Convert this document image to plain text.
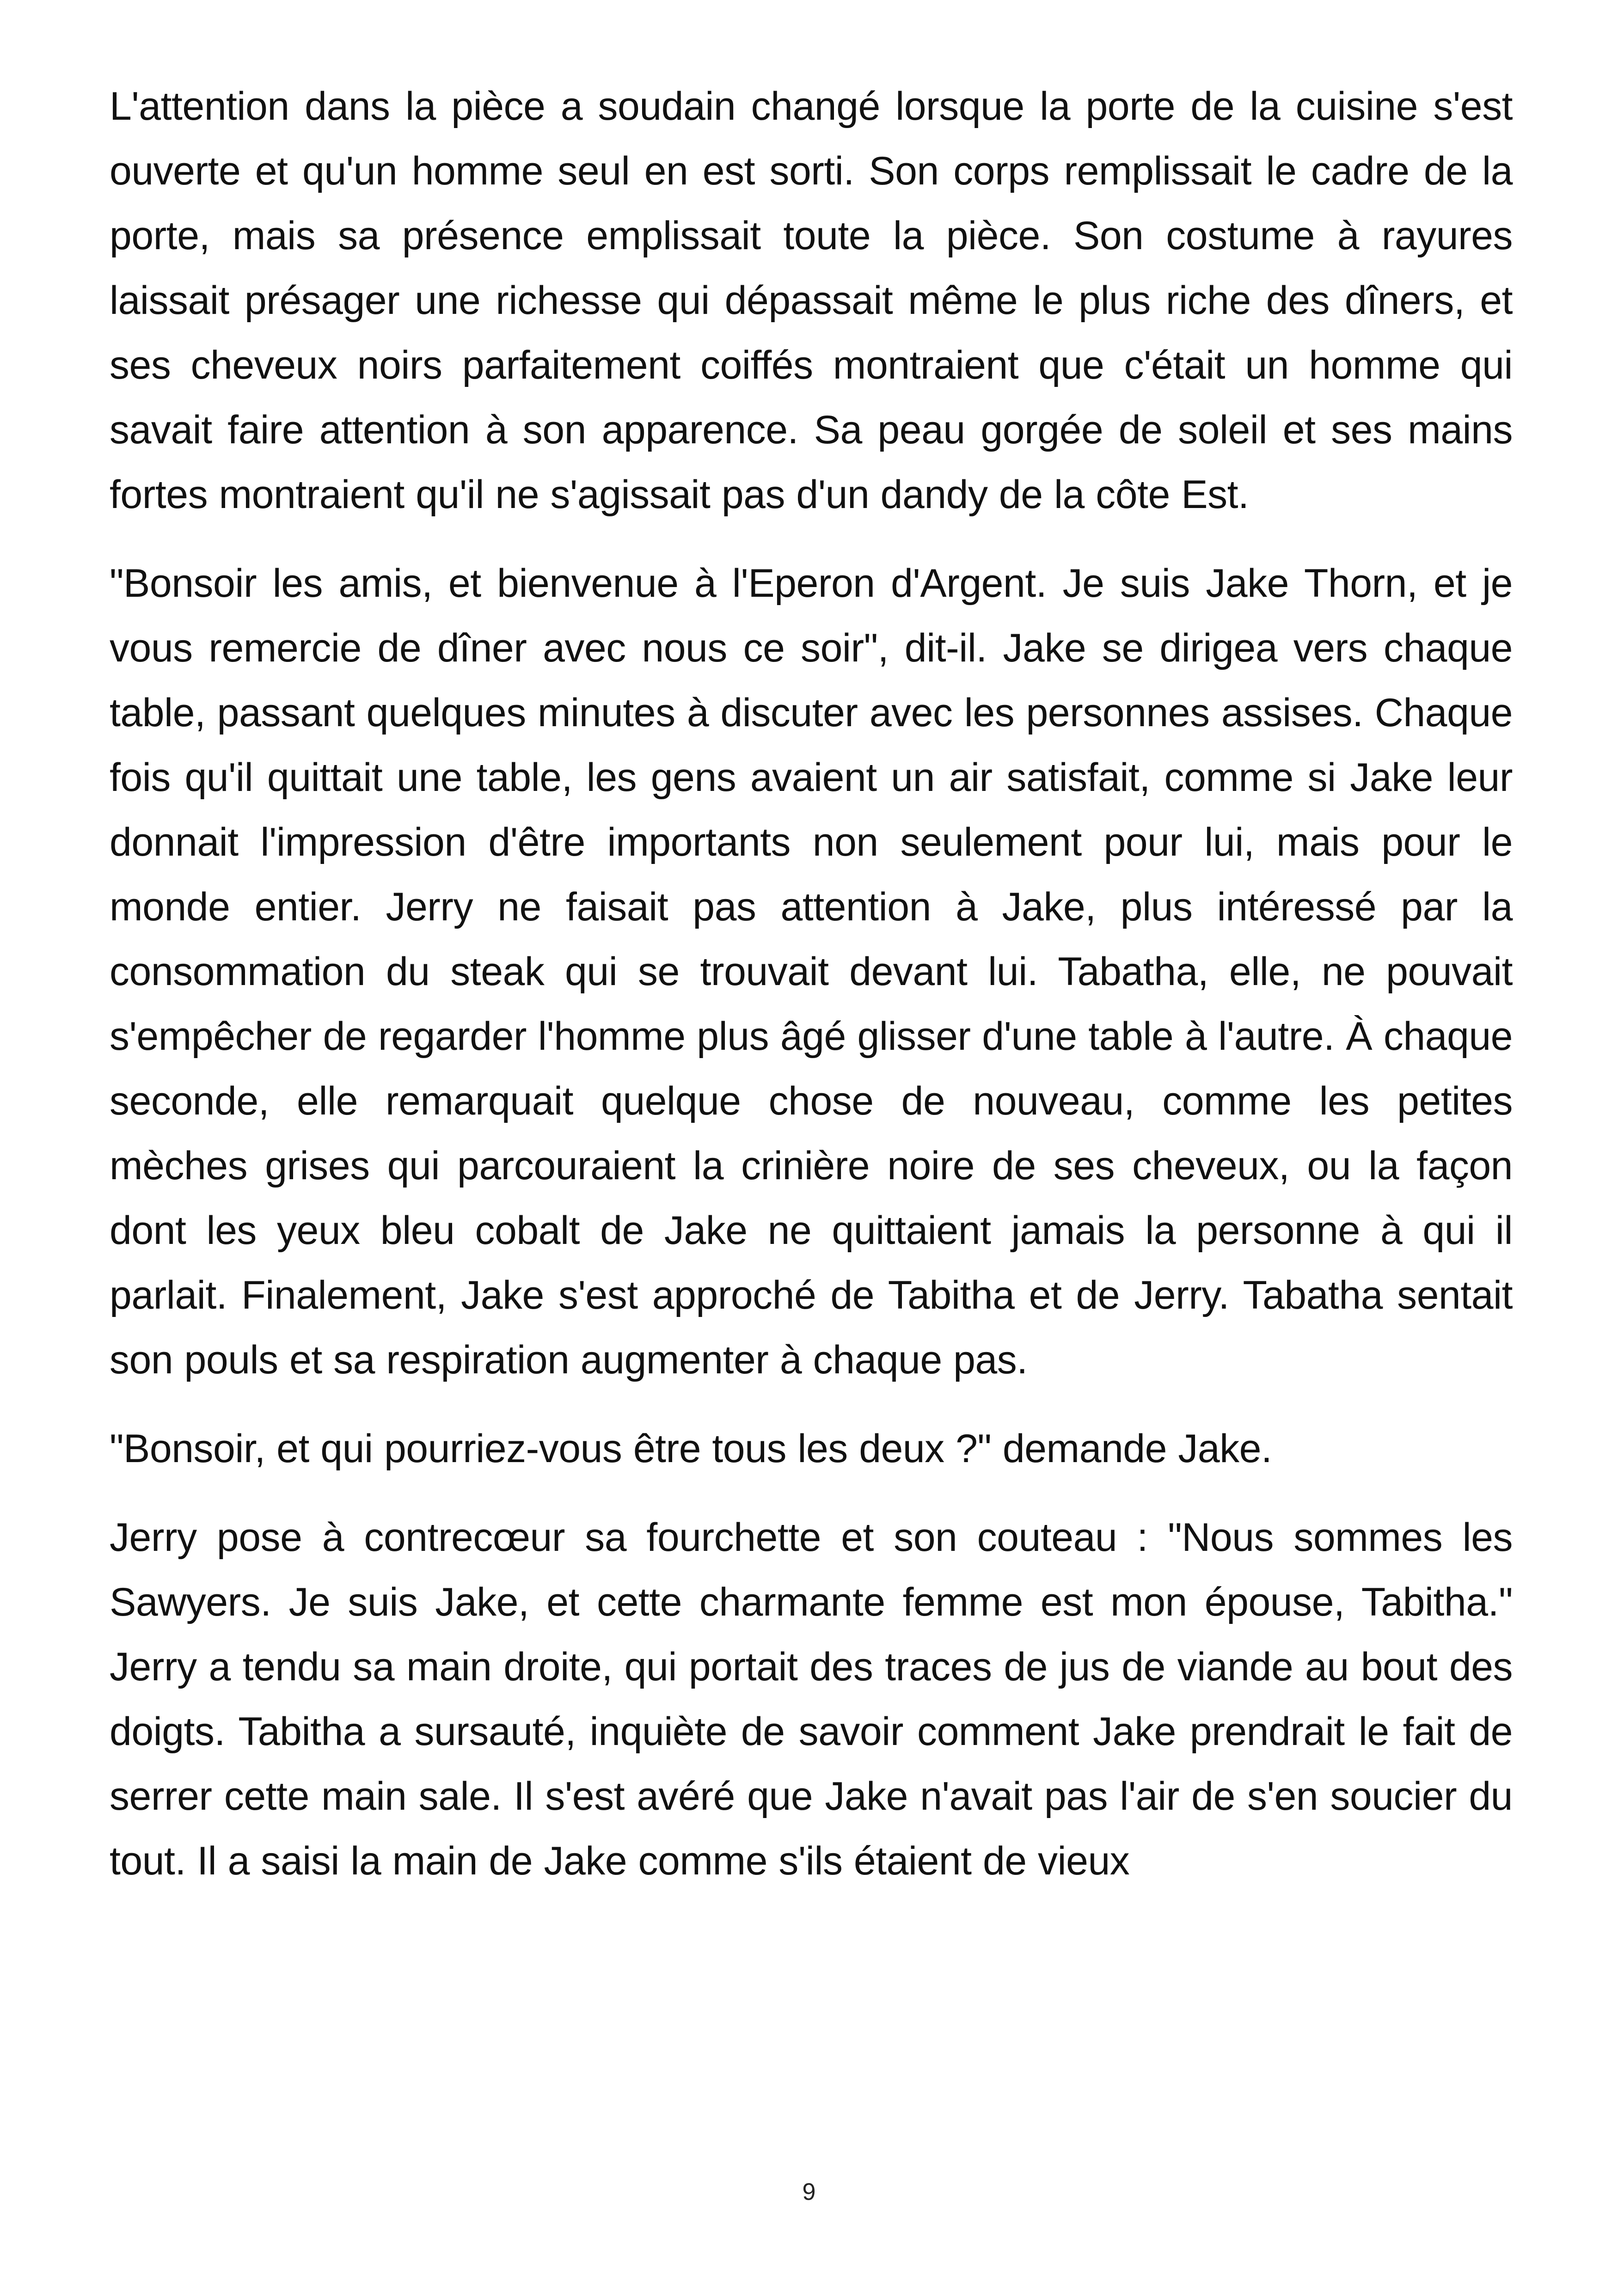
L'attention dans la pièce a soudain changé lorsque la porte de la cuisine s'est ouverte et qu'un homme seul en est sorti. Son corps remplissait le cadre de la porte, mais sa présence emplissait toute la pièce. Son costume à rayures laissait présager une richesse qui dépassait même le plus riche des dîners, et ses cheveux noirs parfaitement coiffés montraient que c'était un homme qui savait faire attention à son apparence. Sa peau gorgée de soleil et ses mains fortes montraient qu'il ne s'agissait pas d'un dandy de la côte Est.

"Bonsoir les amis, et bienvenue à l'Eperon d'Argent. Je suis Jake Thorn, et je vous remercie de dîner avec nous ce soir", dit-il. Jake se dirigea vers chaque table, passant quelques minutes à discuter avec les personnes assises. Chaque fois qu'il quittait une table, les gens avaient un air satisfait, comme si Jake leur donnait l'impression d'être importants non seulement pour lui, mais pour le monde entier. Jerry ne faisait pas attention à Jake, plus intéressé par la consommation du steak qui se trouvait devant lui. Tabatha, elle, ne pouvait s'empêcher de regarder l'homme plus âgé glisser d'une table à l'autre. À chaque seconde, elle remarquait quelque chose de nouveau, comme les petites mèches grises qui parcouraient la crinière noire de ses cheveux, ou la façon dont les yeux bleu cobalt de Jake ne quittaient jamais la personne à qui il parlait. Finalement, Jake s'est approché de Tabitha et de Jerry. Tabatha sentait son pouls et sa respiration augmenter à chaque pas.

"Bonsoir, et qui pourriez-vous être tous les deux ?" demande Jake.

Jerry pose à contrecœur sa fourchette et son couteau : "Nous sommes les Sawyers. Je suis Jake, et cette charmante femme est mon épouse, Tabitha." Jerry a tendu sa main droite, qui portait des traces de jus de viande au bout des doigts. Tabitha a sursauté, inquiète de savoir comment Jake prendrait le fait de serrer cette main sale. Il s'est avéré que Jake n'avait pas l'air de s'en soucier du tout. Il a saisi la main de Jake comme s'ils étaient de vieux

9
